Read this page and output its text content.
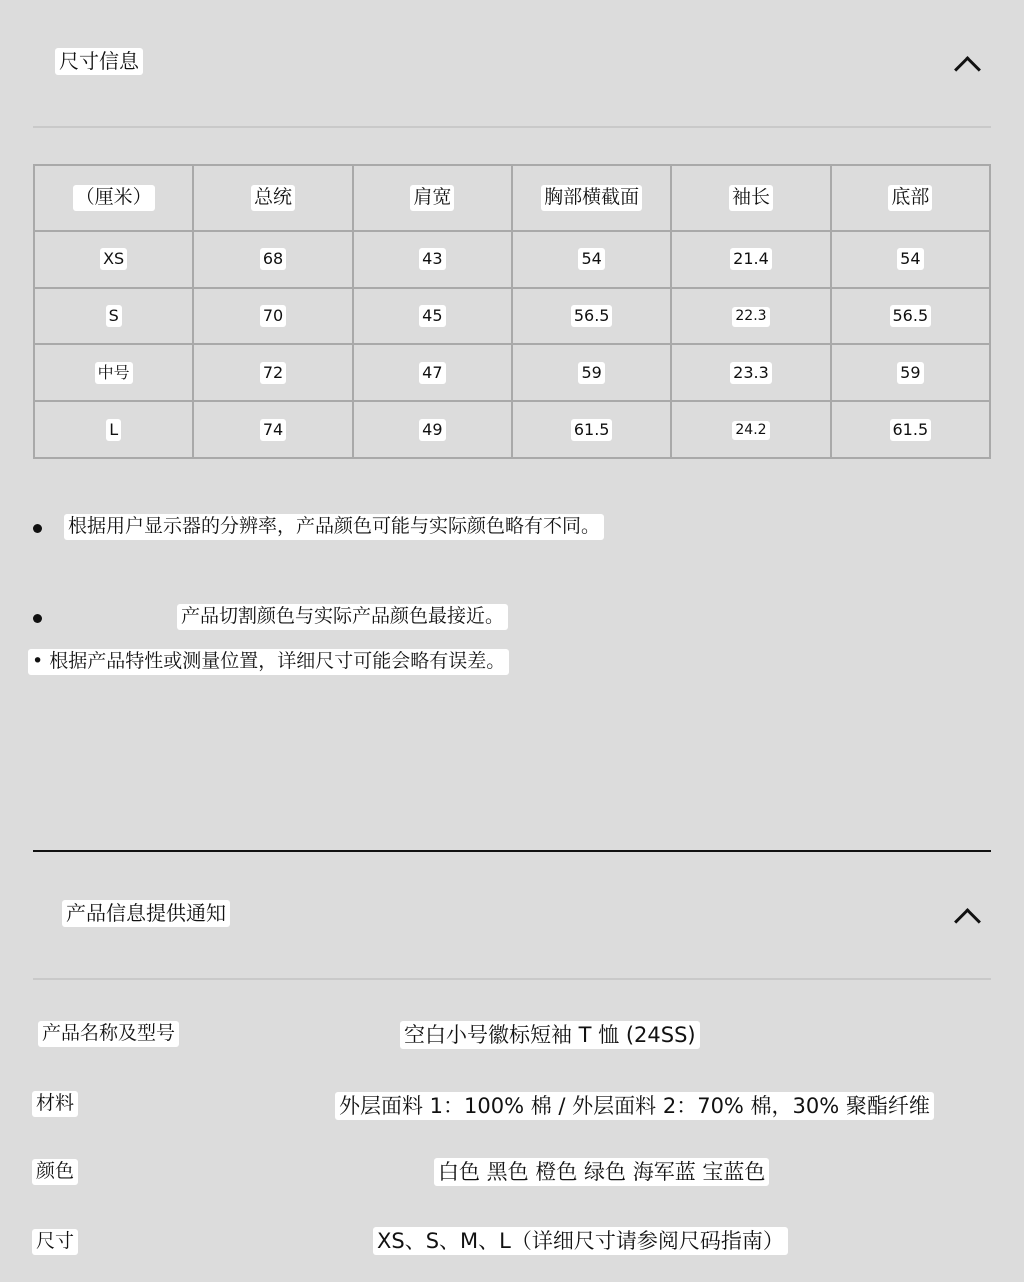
尺寸信息
（厘米）	总统	肩宽	胸部横截面	袖长	底部
XS	68	43	54	21.4	54
S	70	45	56.5	22.3	56.5
中号	72	47	59	23.3	59
L	74	49	61.5	24.2	61.5
根据用户显示器的分辨率，产品颜色可能与实际颜色略有不同。
产品切割颜色与实际产品颜色最接近。
• 根据产品特性或测量位置，详细尺寸可能会略有误差。
产品信息提供通知
产品名称及型号	空白小号徽标短袖 T 恤 (24SS)
材料	外层面料 1：100% 棉 / 外层面料 2：70% 棉，30% 聚酯纤维
颜色	白色 黑色 橙色 绿色 海军蓝 宝蓝色
尺寸	XS、S、M、L（详细尺寸请参阅尺码指南）
